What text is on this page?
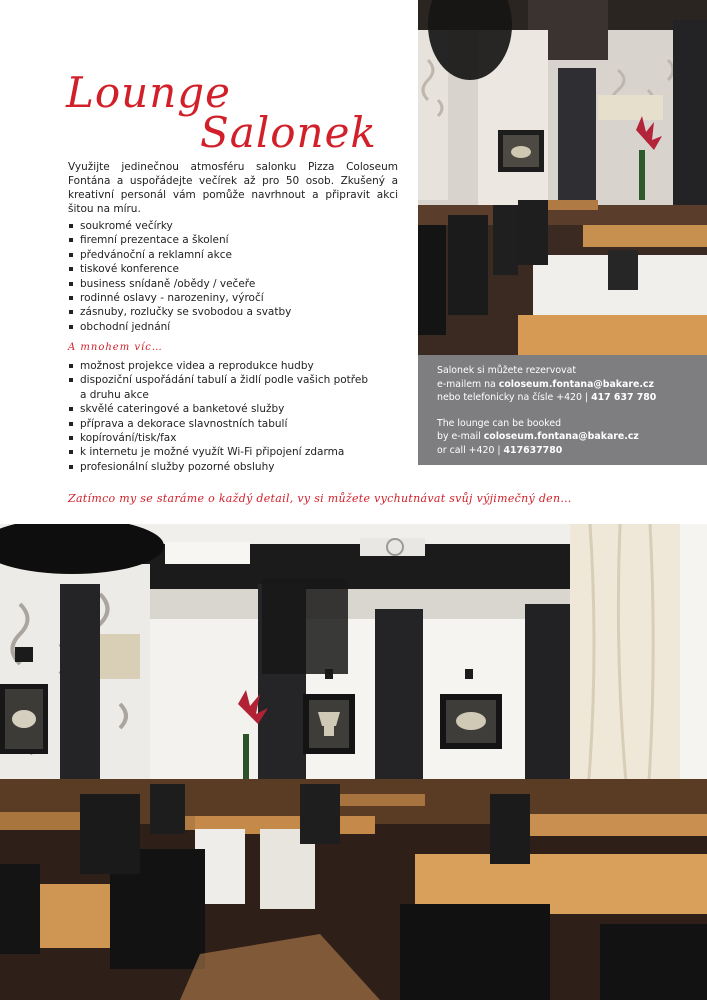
Lounge
Salonek
Využijte jedinečnou atmosféru salonku Pizza Coloseum Fontána a uspořádejte večírek až pro 50 osob. Zkušený a kreativní personál vám pomůže navrhnout a připravit akci šitou na míru.
soukromé večírky
firemní prezentace a školení
předvánoční a reklamní akce
tiskové konference
business snídaně /obědy / večeře
rodinné oslavy - narozeniny, výročí
zásnuby, rozlučky se svobodou a svatby
obchodní jednání
A mnohem víc…
možnost projekce videa a reprodukce hudby
dispoziční uspořádání tabulí a židlí podle vašich potřeb a druhu akce
skvělé cateringové a banketové služby
příprava a dekorace slavnostních tabulí
kopírování/tisk/fax
k internetu je možné využít Wi-Fi připojení zdarma
profesionální služby pozorné obsluhy
Salonek si můžete rezervovat
e-mailem na coloseum.fontana@bakare.cz
nebo telefonicky na čísle +420 | 417 637 780
The lounge can be booked
by e-mail coloseum.fontana@bakare.cz
or call +420 | 417637780
Zatímco my se staráme o každý detail, vy si můžete vychutnávat svůj výjimečný den…
